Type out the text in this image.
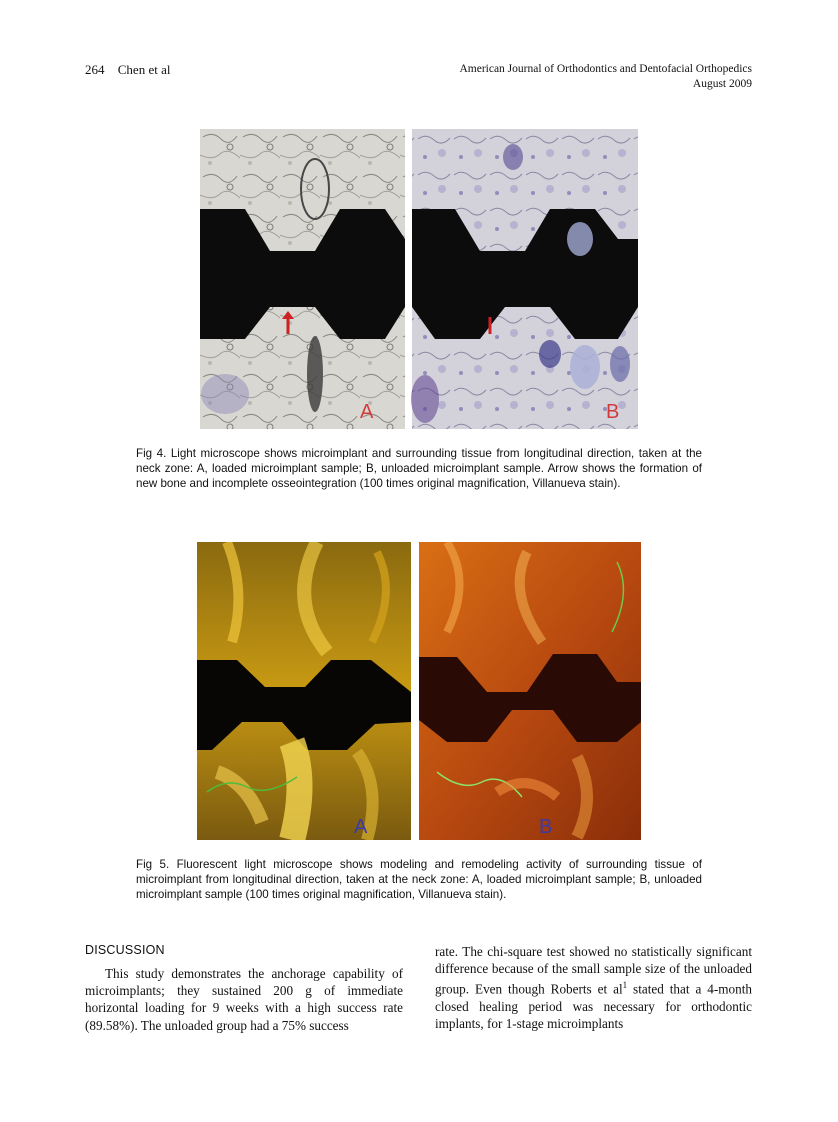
264 Chen et al	American Journal of Orthodontics and Dentofacial Orthopedics
August 2009
A	B

Fig 4. Light microscope shows microimplant and surrounding tissue from longitudinal direction, taken at the neck zone: A, loaded microimplant sample; B, unloaded microimplant sample. Arrow shows the formation of new bone and incomplete osseointegration (100 times original magnification, Villanueva stain).

A	B

Fig 5. Fluorescent light microscope shows modeling and remodeling activity of surrounding tissue of microimplant from longitudinal direction, taken at the neck zone: A, loaded microimplant sample; B, unloaded microimplant sample (100 times original magnification, Villanueva stain).

DISCUSSION

This study demonstrates the anchorage capability of microimplants; they sustained 200 g of immediate horizontal loading for 9 weeks with a high success rate (89.58%). The unloaded group had a 75% success

rate. The chi-square test showed no statistically significant difference because of the small sample size of the unloaded group. Even though Roberts et $al^1$ stated that a 4-month closed healing period was necessary for orthodontic implants, for 1-stage microimplants
